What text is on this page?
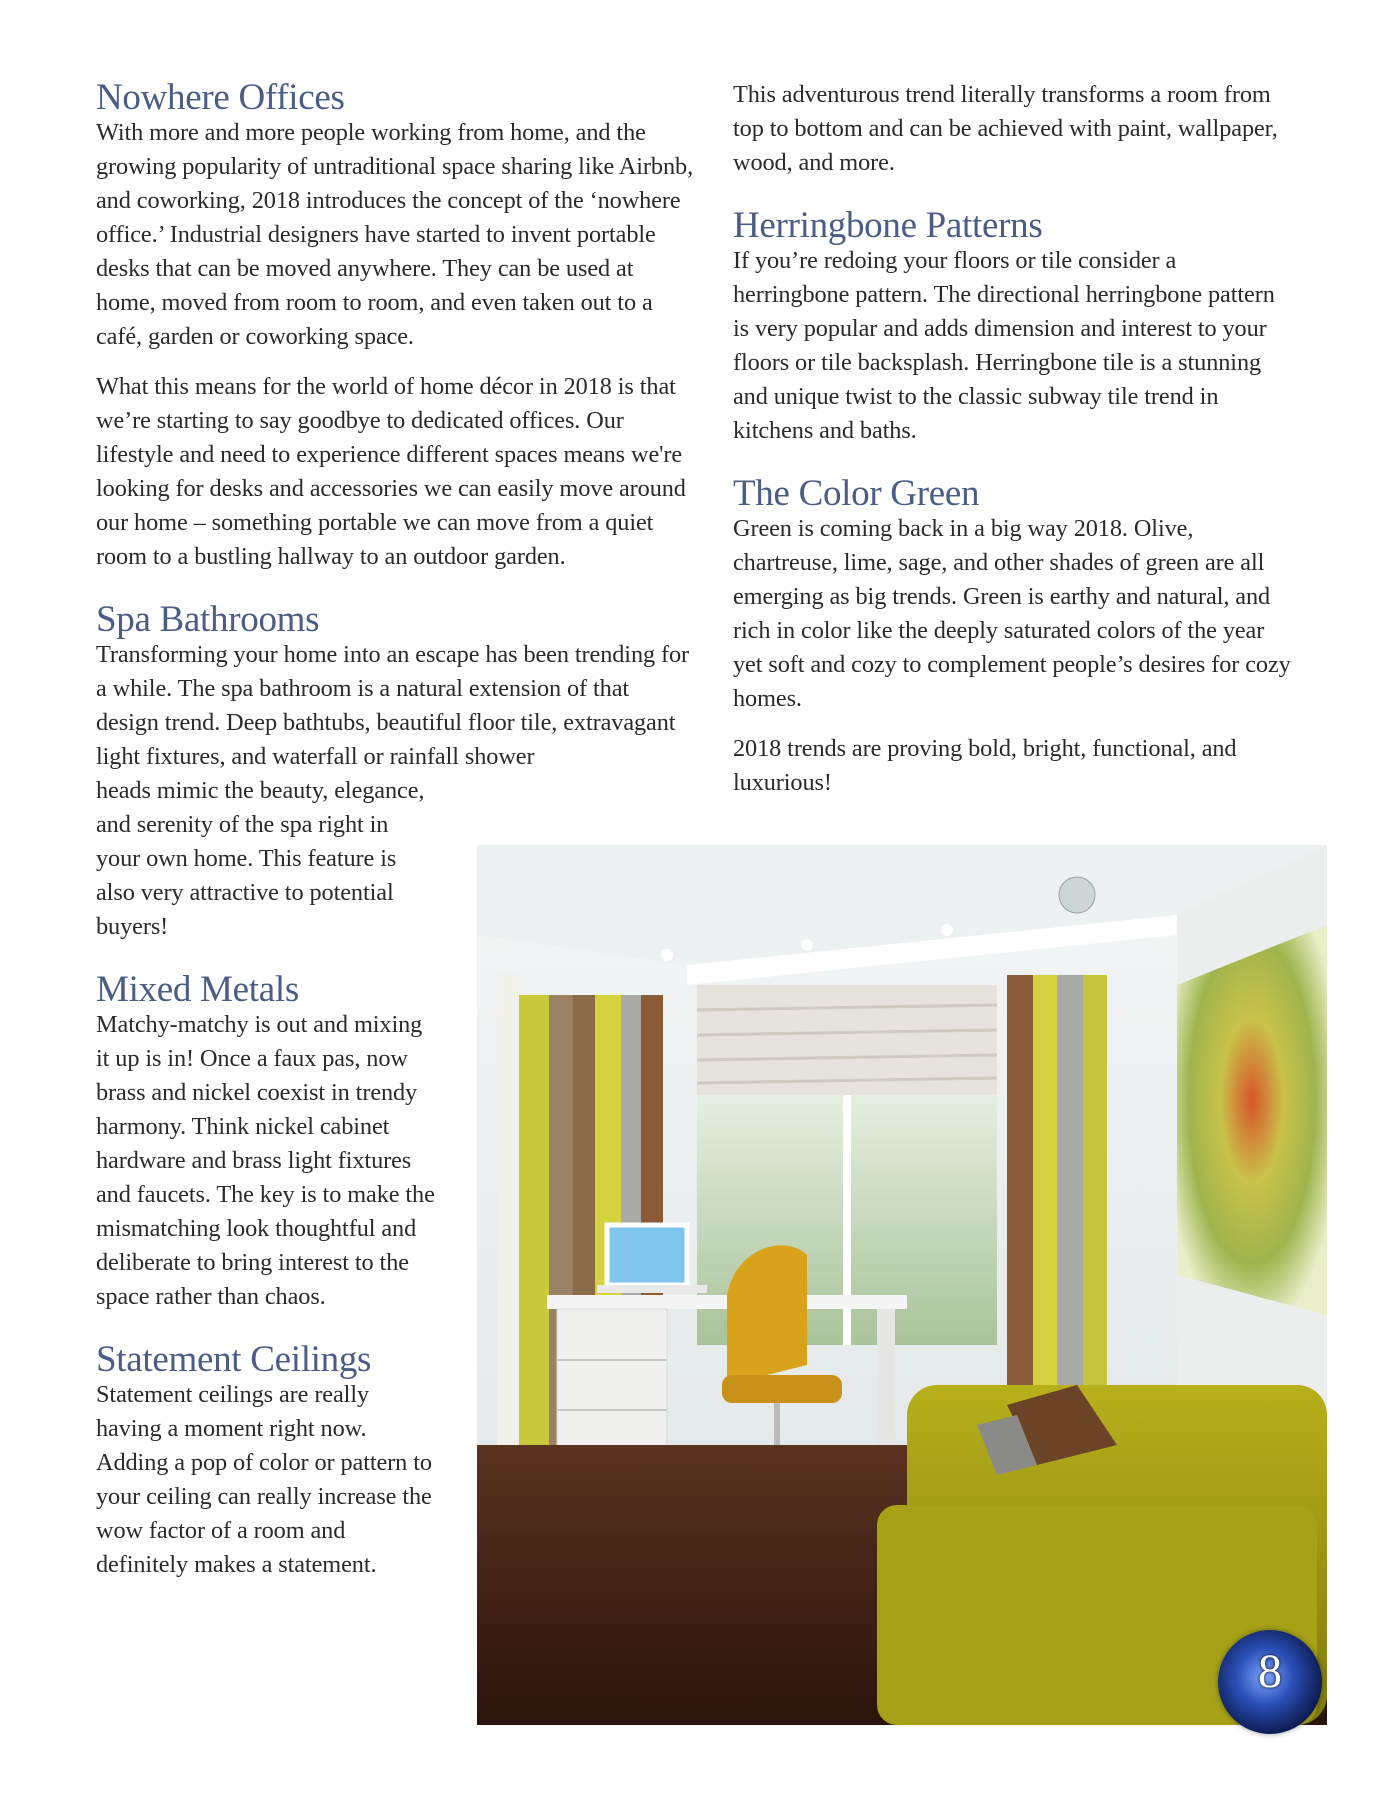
Nowhere Offices

With more and more people working from home, and the growing popularity of untraditional space sharing like Airbnb, and coworking, 2018 introduces the concept of the ‘nowhere office.’ Industrial designers have started to invent portable desks that can be moved anywhere. They can be used at home, moved from room to room, and even taken out to a café, garden or coworking space.

What this means for the world of home décor in 2018 is that we’re starting to say goodbye to dedicated offices. Our lifestyle and need to experience different spaces means we're looking for desks and accessories we can easily move around our home – something portable we can move from a quiet room to a bustling hallway to an outdoor garden.

Spa Bathrooms

Transforming your home into an escape has been trending for a while. The spa bathroom is a natural extension of that design trend. Deep bathtubs, beautiful floor tile, extravagant light fixtures, and waterfall or rainfall shower

heads mimic the beauty, elegance, and serenity of the spa right in your own home. This feature is also very attractive to potential buyers!

Mixed Metals

Matchy-matchy is out and mixing it up is in! Once a faux pas, now brass and nickel coexist in trendy harmony. Think nickel cabinet hardware and brass light fixtures and faucets. The key is to make the mismatching look thoughtful and deliberate to bring interest to the space rather than chaos.

Statement Ceilings

Statement ceilings are really having a moment right now. Adding a pop of color or pattern to your ceiling can really increase the wow factor of a room and definitely makes a statement.

This adventurous trend literally transforms a room from top to bottom and can be achieved with paint, wallpaper, wood, and more.

Herringbone Patterns

If you’re redoing your floors or tile consider a herringbone pattern. The directional herringbone pattern is very popular and adds dimension and interest to your floors or tile backsplash. Herringbone tile is a stunning and unique twist to the classic subway tile trend in kitchens and baths.

The Color Green

Green is coming back in a big way 2018. Olive, chartreuse, lime, sage, and other shades of green are all emerging as big trends. Green is earthy and natural, and rich in color like the deeply saturated colors of the year yet soft and cozy to complement people’s desires for cozy homes.

2018 trends are proving bold, bright, functional, and luxurious!

8
